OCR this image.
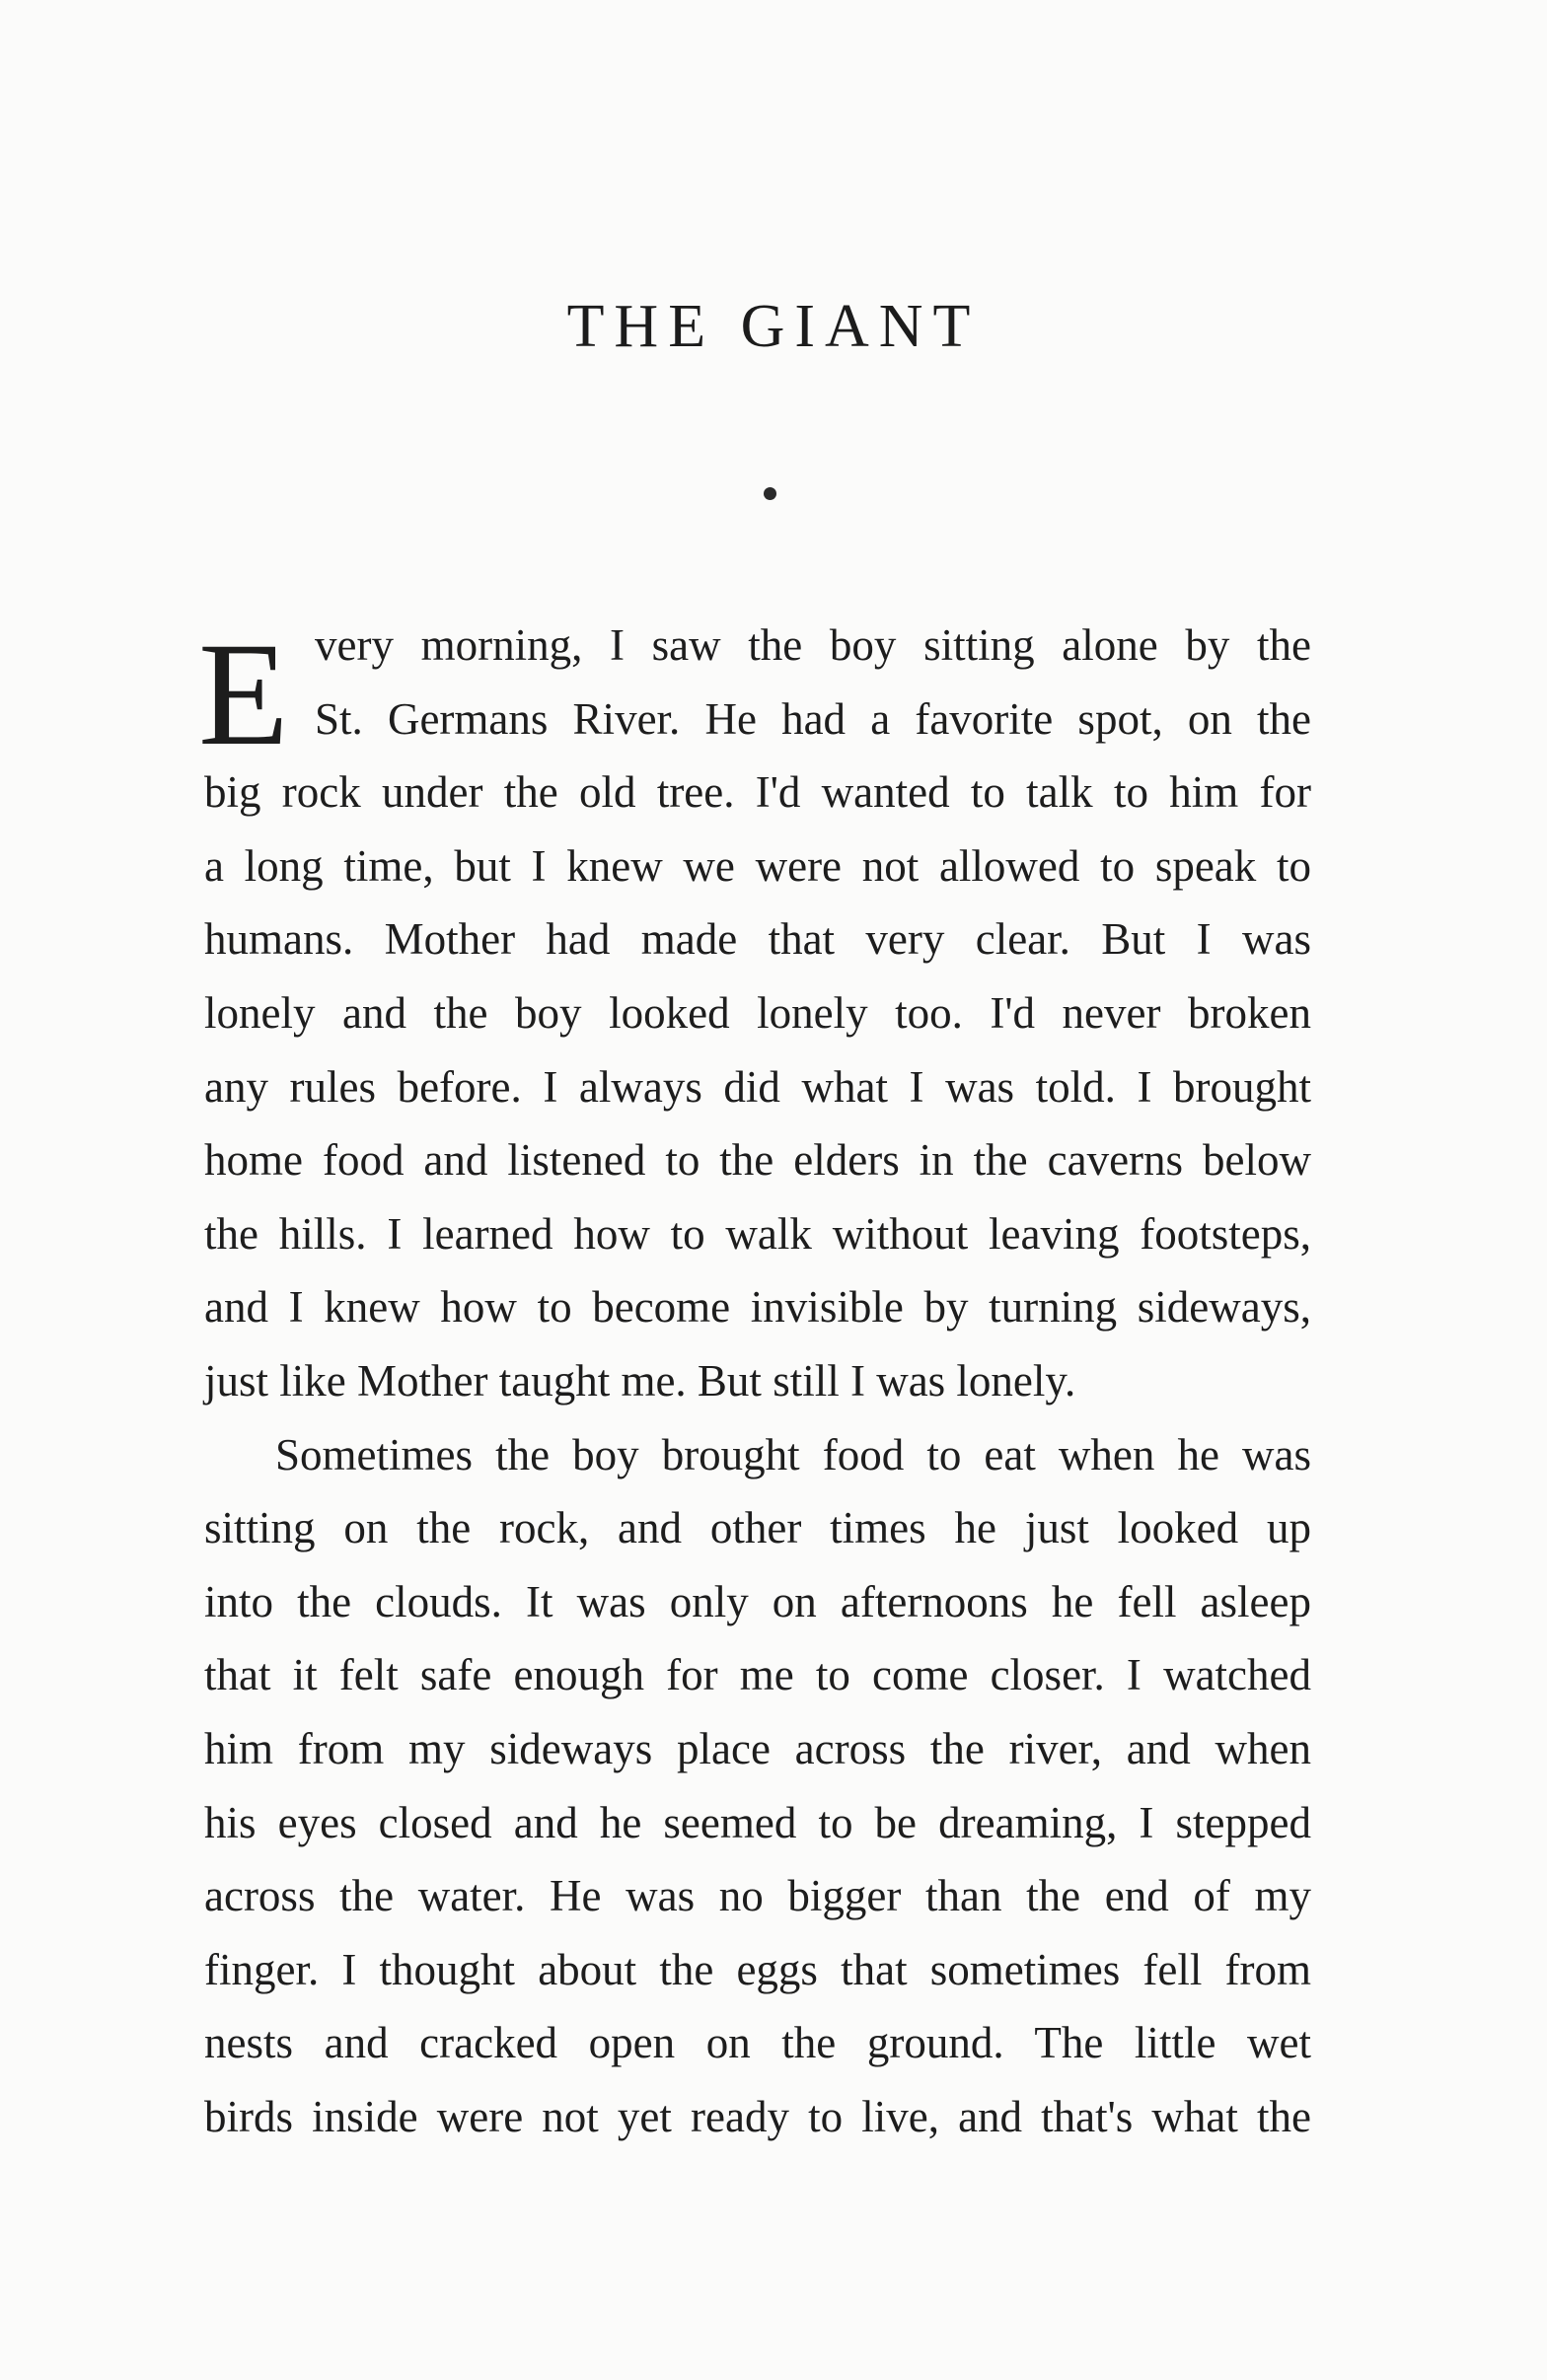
THE GIANT

E very morning, I saw the boy sitting alone by the
St. Germans River. He had a favorite spot, on the
big rock under the old tree. I'd wanted to talk to him for
a long time, but I knew we were not allowed to speak to
humans. Mother had made that very clear. But I was
lonely and the boy looked lonely too. I'd never broken
any rules before. I always did what I was told. I brought
home food and listened to the elders in the caverns below
the hills. I learned how to walk without leaving footsteps,
and I knew how to become invisible by turning sideways,
just like Mother taught me. But still I was lonely.

Sometimes the boy brought food to eat when he was
sitting on the rock, and other times he just looked up
into the clouds. It was only on afternoons he fell asleep
that it felt safe enough for me to come closer. I watched
him from my sideways place across the river, and when
his eyes closed and he seemed to be dreaming, I stepped
across the water. He was no bigger than the end of my
finger. I thought about the eggs that sometimes fell from
nests and cracked open on the ground. The little wet
birds inside were not yet ready to live, and that's what the
